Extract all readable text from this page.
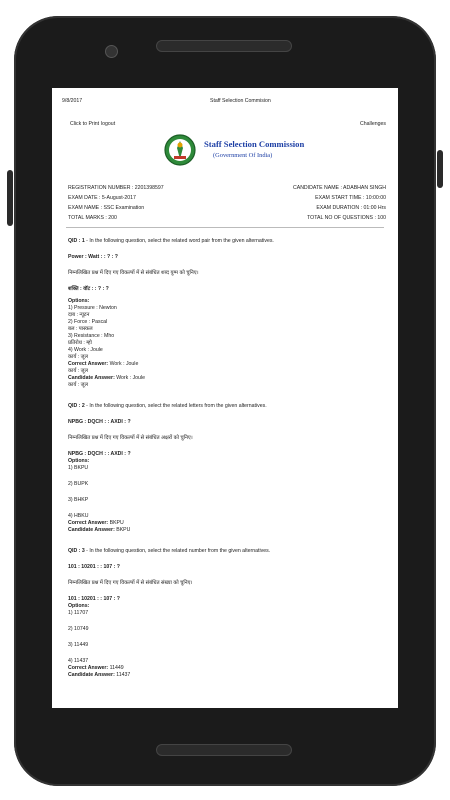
9/8/2017	Staff Selection Commision
Click to Print logout	Challenges
Staff Selection Commission
(Government Of India)
REGISTRATION NUMBER : 2201398597
EXAM DATE : 5-August-2017
EXAM NAME : SSC Examination
TOTAL MARKS : 200
CANDIDATE NAME : ADABHAN SINGH
EXAM START TIME : 10:00:00
EXAM DURATION : 01:00 Hrs
TOTAL NO OF QUESTIONS : 100
QID : 1 - In the following question, select the related word pair from the given alternatives.
Power : Watt : : ? : ?
निम्नलिखित प्रश्न में दिए गए विकल्पों में से संबंधित शब्द युग्म को चुनिए।
शक्ति : वॉट : : ? : ?
Options:
1) Pressure : Newton
दाब : न्यूटन
2) Force : Pascal
बल : पास्कल
3) Resistance : Mho
प्रतिरोध : म्हो
4) Work : Joule
कार्य : जूल
Correct Answer: Work : Joule
कार्य : जूल
Candidate Answer: Work : Joule
कार्य : जूल
QID : 2 - In the following question, select the related letters from the given alternatives.
NPBG : DQCH : : AXDI : ?
निम्नलिखित प्रश्न में दिए गए विकल्पों में से संबंधित अक्षरों को चुनिए।
NPBG : DQCH : : AXDI : ?
Options:
1) BKPU
2) BUPK
3) BHKP
4) HBKU
Correct Answer: BKPU
Candidate Answer: BKPU
QID : 3 - In the following question, select the related number from the given alternatives.
101 : 10201 : : 107 : ?
निम्नलिखित प्रश्न में दिए गए विकल्पों में से संबंधित संख्या को चुनिए।
101 : 10201 : : 107 : ?
Options:
1) 11707
2) 10749
3) 11449
4) 11437
Correct Answer: 11449
Candidate Answer: 11437
